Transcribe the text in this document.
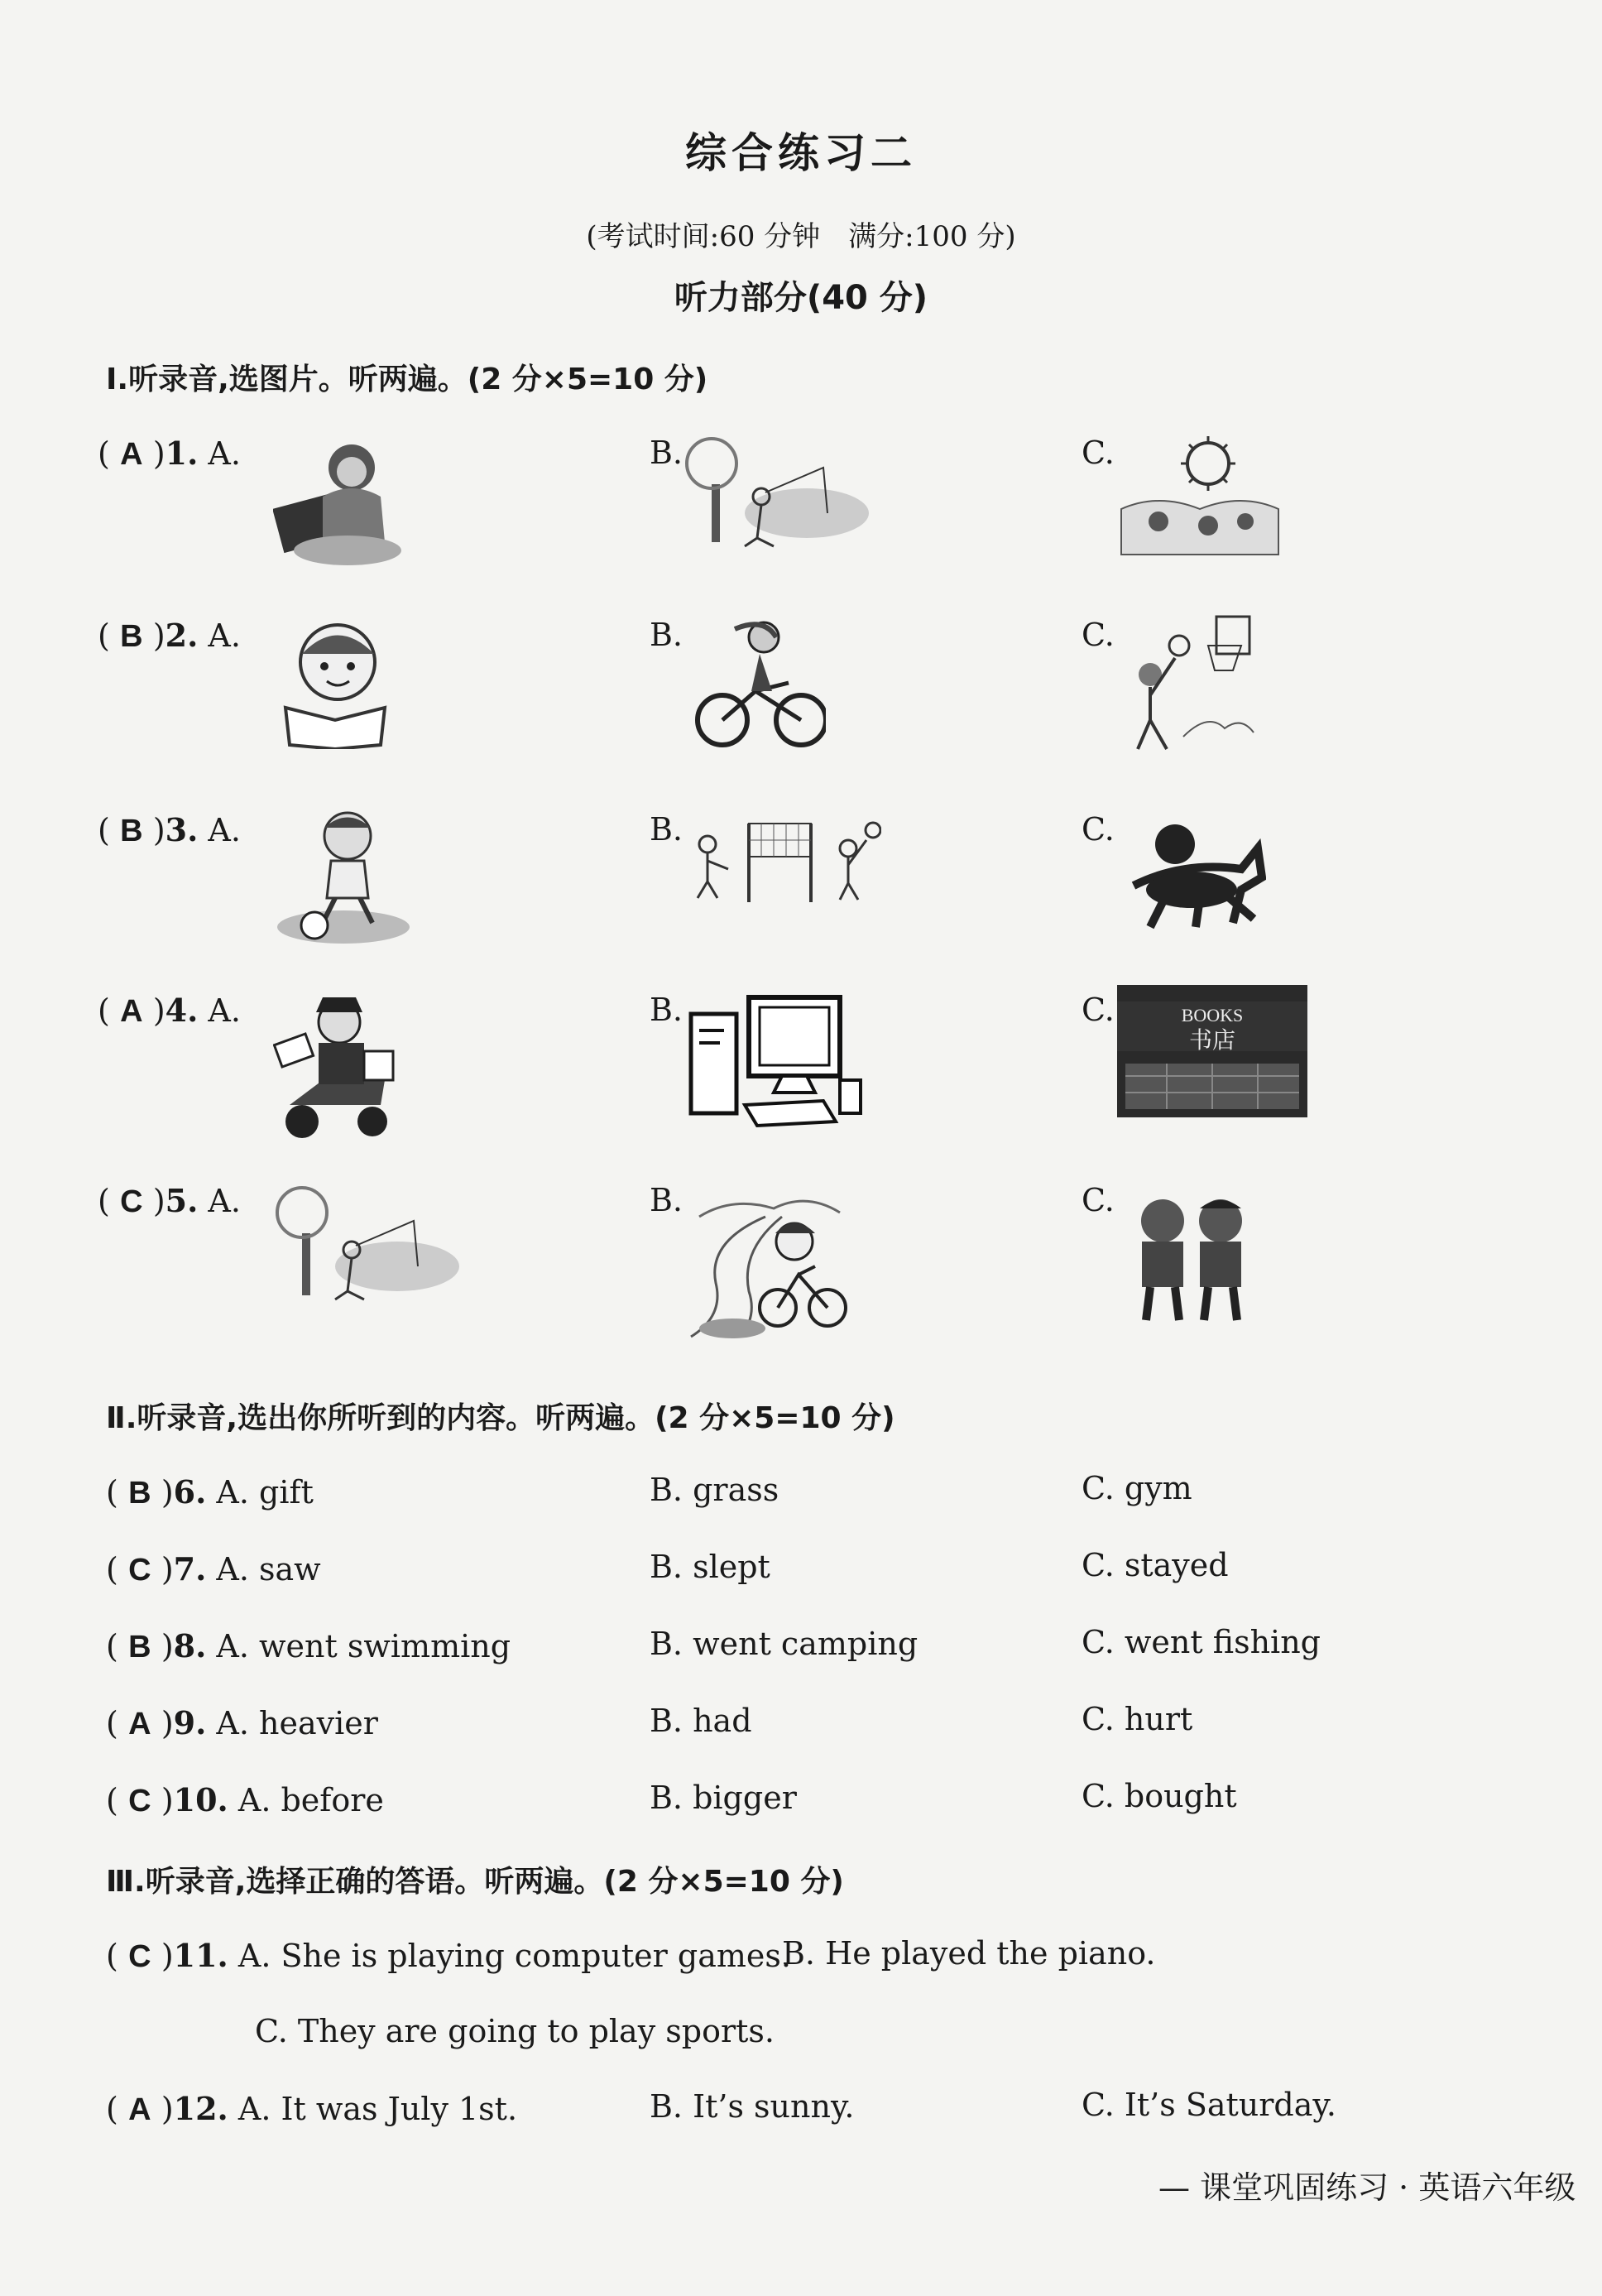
综合练习二
(考试时间:60 分钟　满分:100 分)
听力部分(40 分)
Ⅰ.听录音,选图片。听两遍。(2 分×5=10 分)
( A )1. A.	B.	C.
( B )2. A.	B.	C.
( B )3. A.	B.	C.
( A )4. A.	B.	C.	BOOKS
书店
( C )5. A.	B.	C.
Ⅱ.听录音,选出你所听到的内容。听两遍。(2 分×5=10 分)
( B )6. A. gift	B. grass	C. gym
( C )7. A. saw	B. slept	C. stayed
( B )8. A. went swimming	B. went camping	C. went fishing
( A )9. A. heavier	B. had	C. hurt
( C )10. A. before	B. bigger	C. bought
Ⅲ.听录音,选择正确的答语。听两遍。(2 分×5=10 分)
( C )11. A. She is playing computer games.
B. He played the piano.
C. They are going to play sports.
( A )12. A. It was July 1st.	B. It’s sunny.	C. It’s Saturday.
— 课堂巩固练习 · 英语六年级
